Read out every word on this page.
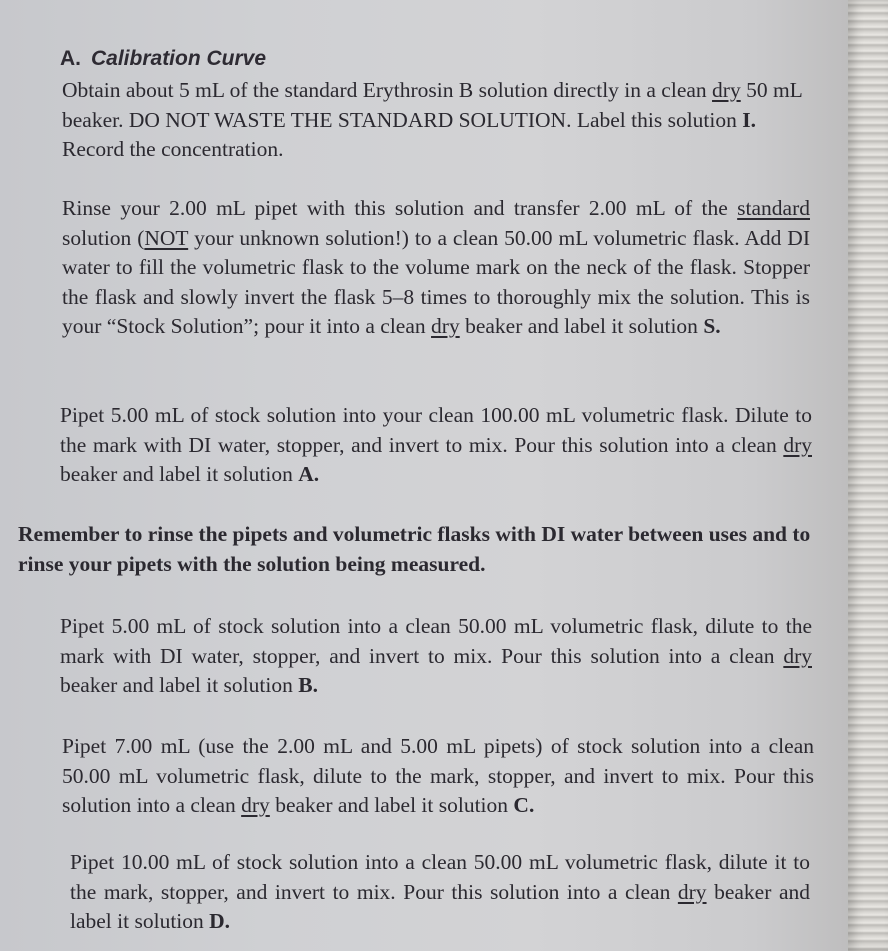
A. Calibration Curve

Obtain about 5 mL of the standard Erythrosin B solution directly in a clean dry 50 mL beaker. DO NOT WASTE THE STANDARD SOLUTION. Label this solution I. Record the concentration.

Rinse your 2.00 mL pipet with this solution and transfer 2.00 mL of the standard solution (NOT your unknown solution!) to a clean 50.00 mL volumetric flask. Add DI water to fill the volumetric flask to the volume mark on the neck of the flask. Stopper the flask and slowly invert the flask 5–8 times to thoroughly mix the solution. This is your “Stock Solution”; pour it into a clean dry beaker and label it solution S.

Pipet 5.00 mL of stock solution into your clean 100.00 mL volumetric flask. Dilute to the mark with DI water, stopper, and invert to mix. Pour this solution into a clean dry beaker and label it solution A.

Remember to rinse the pipets and volumetric flasks with DI water between uses and to rinse your pipets with the solution being measured.

Pipet 5.00 mL of stock solution into a clean 50.00 mL volumetric flask, dilute to the mark with DI water, stopper, and invert to mix. Pour this solution into a clean dry beaker and label it solution B.

Pipet 7.00 mL (use the 2.00 mL and 5.00 mL pipets) of stock solution into a clean 50.00 mL volumetric flask, dilute to the mark, stopper, and invert to mix. Pour this solution into a clean dry beaker and label it solution C.

Pipet 10.00 mL of stock solution into a clean 50.00 mL volumetric flask, dilute it to the mark, stopper, and invert to mix. Pour this solution into a clean dry beaker and label it solution D.
